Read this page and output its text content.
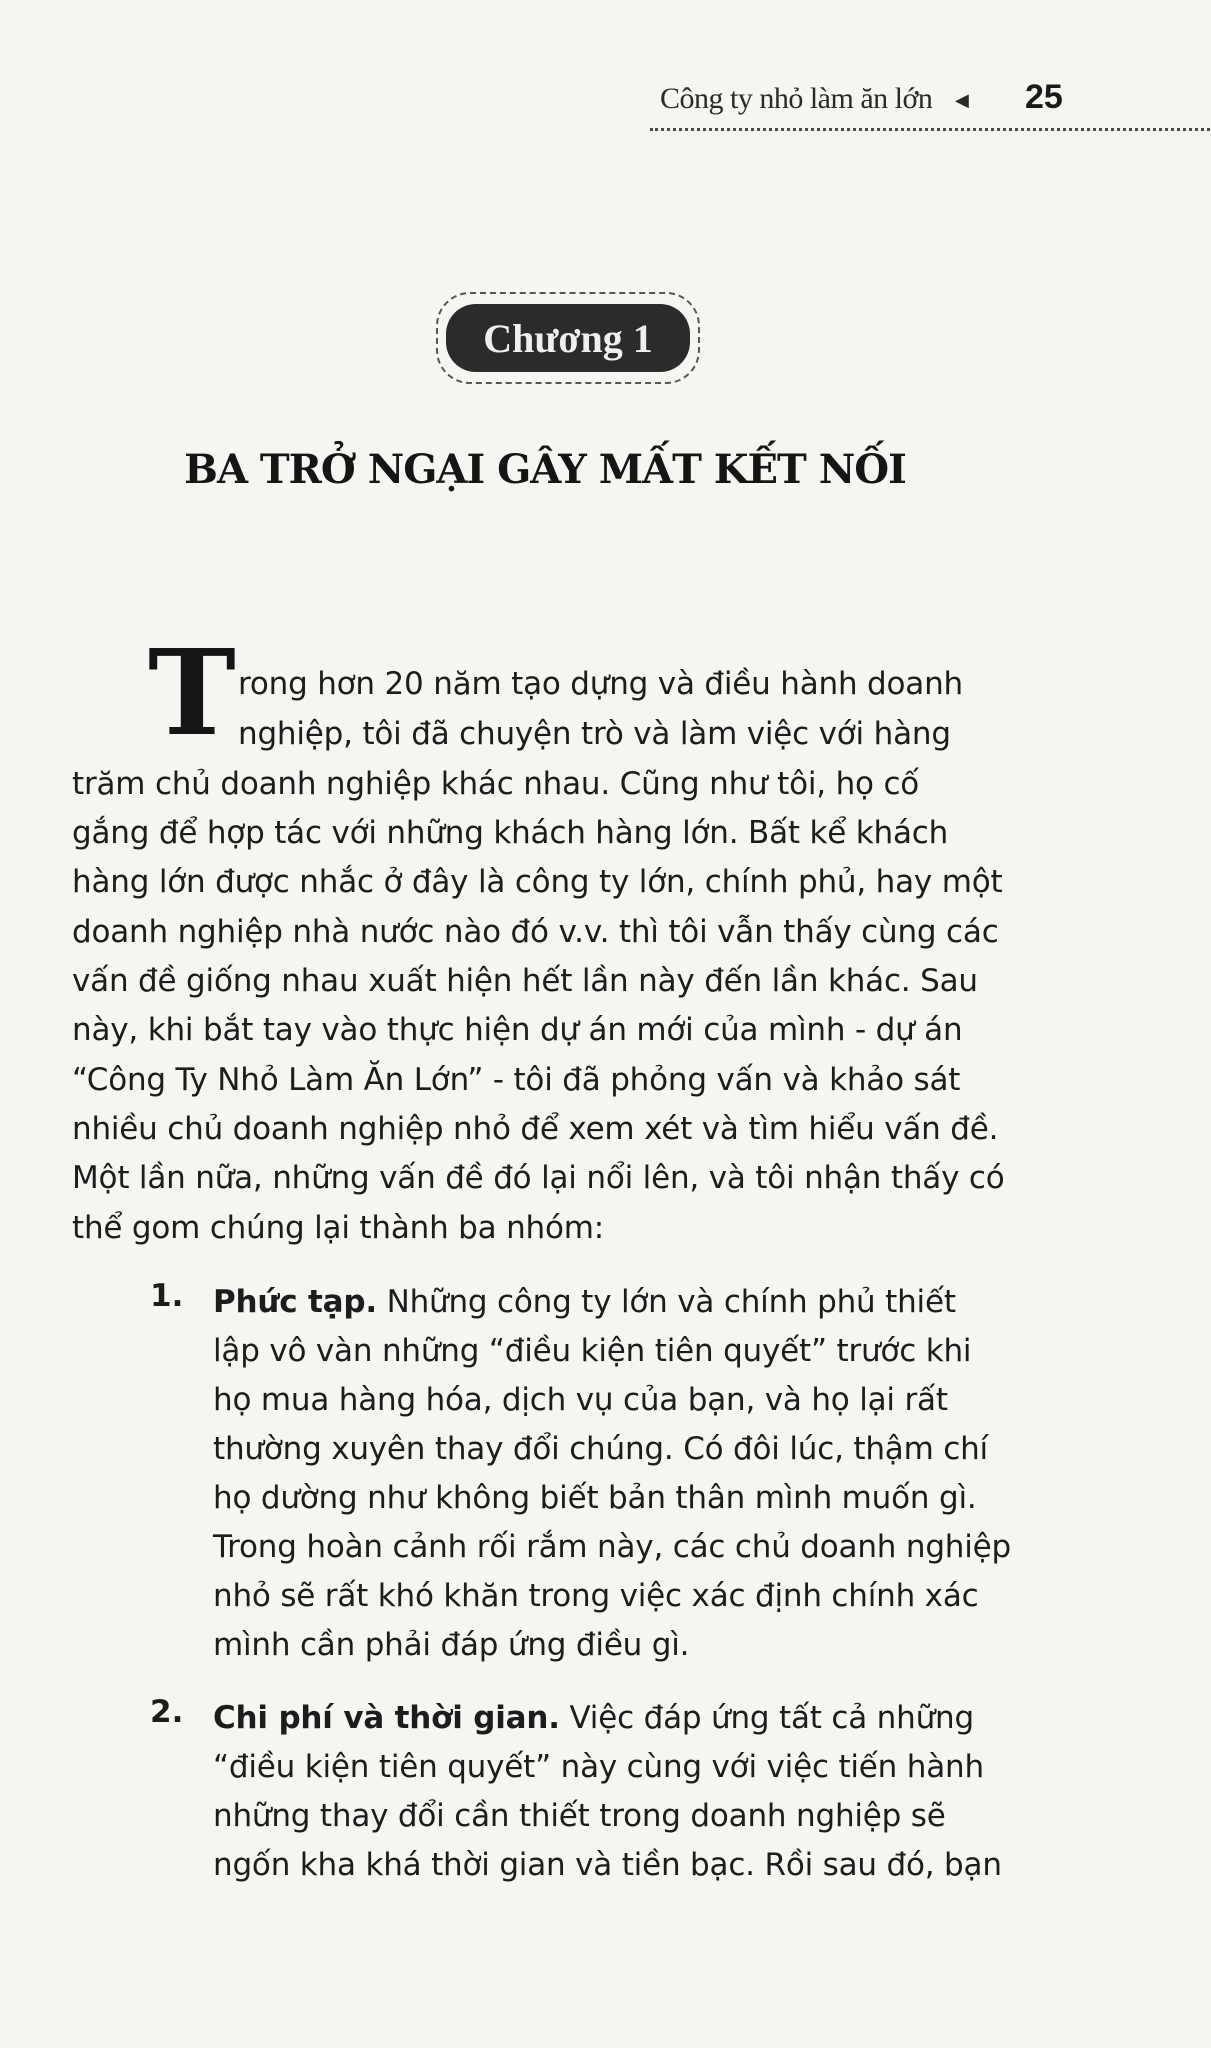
Công ty nhỏ làm ăn lớn ◀︎ 25
Chương 1
BA TRỞ NGẠI GÂY MẤT KẾT NỐI
T rong hơn 20 năm tạo dựng và điều hành doanh
nghiệp, tôi đã chuyện trò và làm việc với hàng
trăm chủ doanh nghiệp khác nhau. Cũng như tôi, họ cố
gắng để hợp tác với những khách hàng lớn. Bất kể khách
hàng lớn được nhắc ở đây là công ty lớn, chính phủ, hay một
doanh nghiệp nhà nước nào đó v.v. thì tôi vẫn thấy cùng các
vấn đề giống nhau xuất hiện hết lần này đến lần khác. Sau
này, khi bắt tay vào thực hiện dự án mới của mình - dự án
“Công Ty Nhỏ Làm Ăn Lớn” - tôi đã phỏng vấn và khảo sát
nhiều chủ doanh nghiệp nhỏ để xem xét và tìm hiểu vấn đề.
Một lần nữa, những vấn đề đó lại nổi lên, và tôi nhận thấy có
thể gom chúng lại thành ba nhóm:
1. Phức tạp. Những công ty lớn và chính phủ thiết
lập vô vàn những “điều kiện tiên quyết” trước khi
họ mua hàng hóa, dịch vụ của bạn, và họ lại rất
thường xuyên thay đổi chúng. Có đôi lúc, thậm chí
họ dường như không biết bản thân mình muốn gì.
Trong hoàn cảnh rối rắm này, các chủ doanh nghiệp
nhỏ sẽ rất khó khăn trong việc xác định chính xác
mình cần phải đáp ứng điều gì.
2. Chi phí và thời gian. Việc đáp ứng tất cả những
“điều kiện tiên quyết” này cùng với việc tiến hành
những thay đổi cần thiết trong doanh nghiệp sẽ
ngốn kha khá thời gian và tiền bạc. Rồi sau đó, bạn
